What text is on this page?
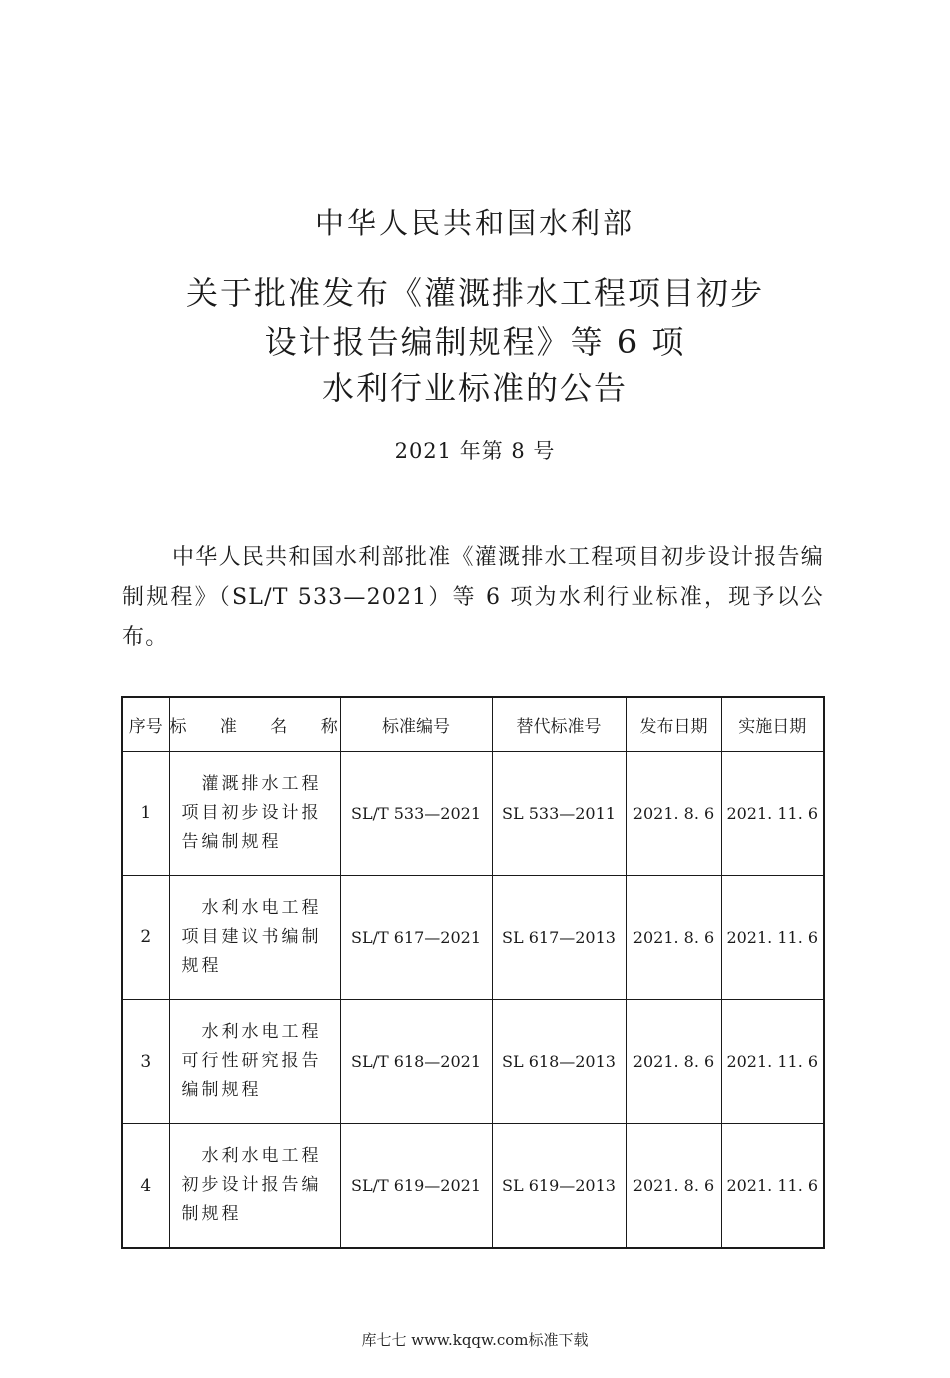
中华人民共和国水利部
关于批准发布《灌溉排水工程项目初步
设计报告编制规程》等 6 项
水利行业标准的公告
2021 年第 8 号
中华人民共和国水利部批准《灌溉排水工程项目初步设计报告编制规程》（SL/T 533—2021）等 6 项为水利行业标准，现予以公布。
序号	标 准 名 称	标准编号	替代标准号	发布日期	实施日期
1	灌溉排水工程项目初步设计报告编制规程	SL/T 533—2021	SL 533—2011	2021. 8. 6	2021. 11. 6
2	水利水电工程项目建议书编制规程	SL/T 617—2021	SL 617—2013	2021. 8. 6	2021. 11. 6
3	水利水电工程可行性研究报告编制规程	SL/T 618—2021	SL 618—2013	2021. 8. 6	2021. 11. 6
4	水利水电工程初步设计报告编制规程	SL/T 619—2021	SL 619—2013	2021. 8. 6	2021. 11. 6
库七七 www.kqqw.com标准下载
